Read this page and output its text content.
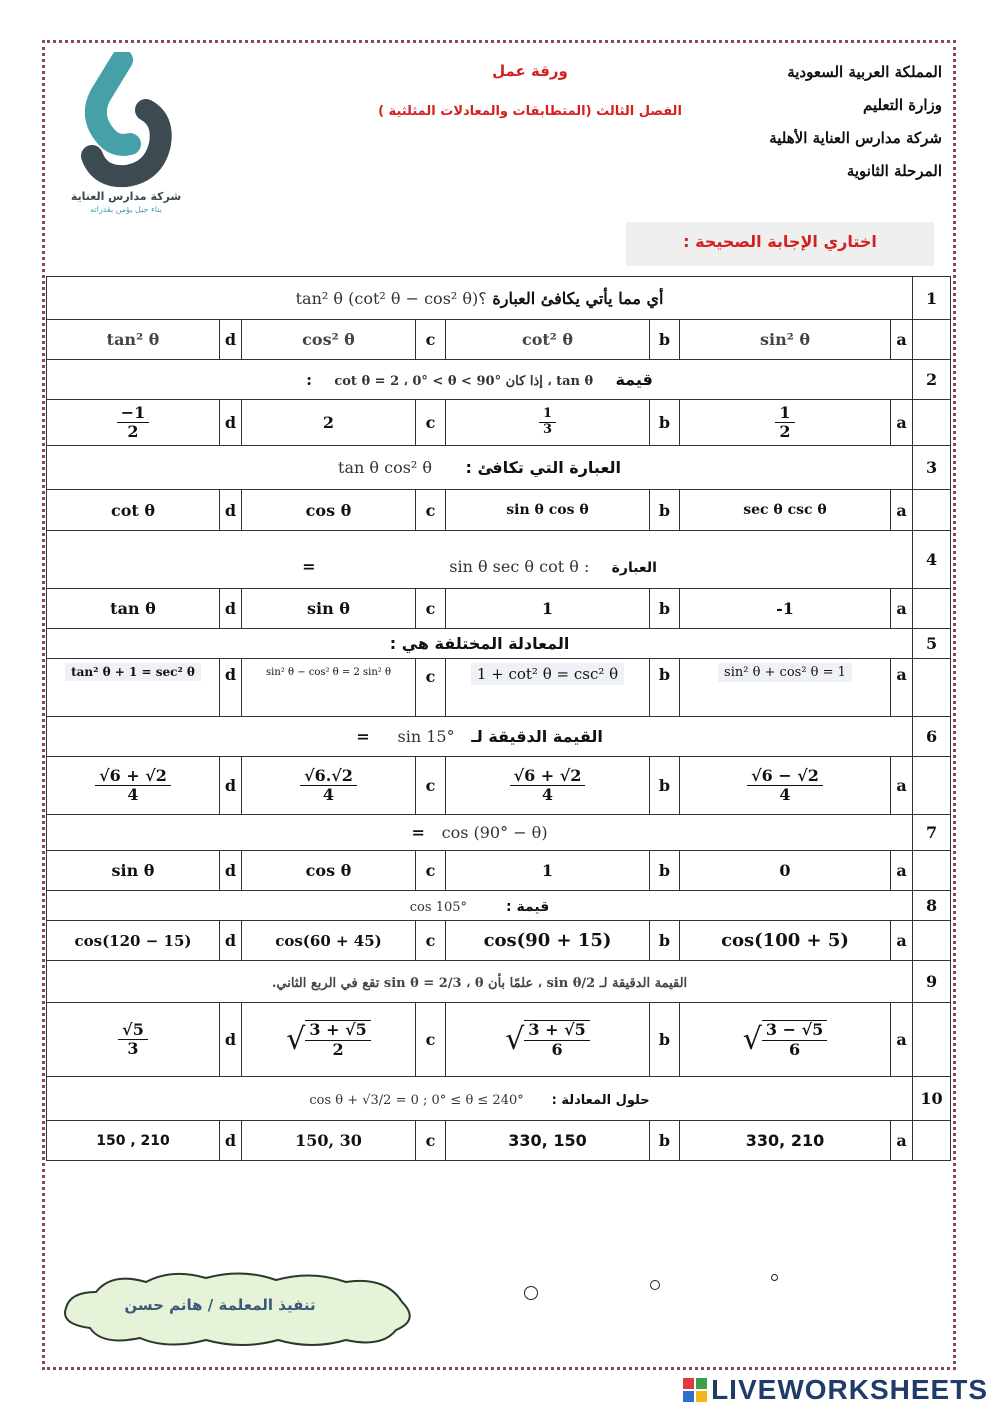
المملكة العربية السعودية
وزارة التعليم
شركة مدارس العناية الأهلية
المرحلة الثانوية
ورقة عمل
الفصل الثالث (المتطابقات والمعادلات المثلثية )
شركة مدارس العناية
بناء جيل يؤمن بقدراته
اختاري الإجابة الصحيحة :
أي مما يأتي يكافئ العبارة tan² θ (cot² θ − cos² θ)؟								1
tan² θ	d	cos² θ	c	cot² θ	b	sin² θ	a	
قيمة    tan θ ، إذا كان cot θ = 2 ، 0° < θ < 90°    :								2

$\frac{-1}{2}$	d	2	c	$\frac{1}{3}$	b	$\frac{1}{2}$	a	
العبارة التي تكافئ :      tan θ cos² θ								3
cot θ	d	cos θ	c	sin θ cos θ	b	sec θ csc θ	a	
العبارة    sin θ sec θ cot θ :                        =								4
tan θ	d	sin θ	c	1	b	-1	a	
المعادلة المختلفة هي :								5
tan² θ + 1 = sec² θ	d	sin² θ − cos² θ = 2 sin² θ	c	1 + cot² θ = csc² θ	b	sin² θ + cos² θ = 1	a	
القيمة الدقيقة لـ   sin 15°     =								6

$\frac{√6 + √2}{4}$	d	$\frac{√6.√2}{4}$	c	$\frac{√6 + √2}{4}$	b	$\frac{√6 - √2}{4}$	a	
cos (90° − θ)   =								7
sin θ	d	cos θ	c	1	b	0	a	
قيمة :       cos 105°								8
cos(120 − 15)	d	cos(60 + 45)	c	cos(90 + 15)	b	cos(100 + 5)	a	
القيمة الدقيقة لـ sin θ/2 ، علمًا بأن sin θ = 2/3 ، θ تقع في الربع الثاني.								9

$\frac{√5}{3}$	d	√ $\frac{3 + √5}{2}$	c	√ $\frac{3 + √5}{6}$	b	√ $\frac{3 - √5}{6}$	a	
حلول المعادلة :     cos θ + √3/2 = 0 ; 0° ≤ θ ≤ 240°								10
150 , 210	d	150, 30	c	330, 150	b	330, 210	a	
تنفيذ المعلمة / هانم حسن
LIVEWORKSHEETS
